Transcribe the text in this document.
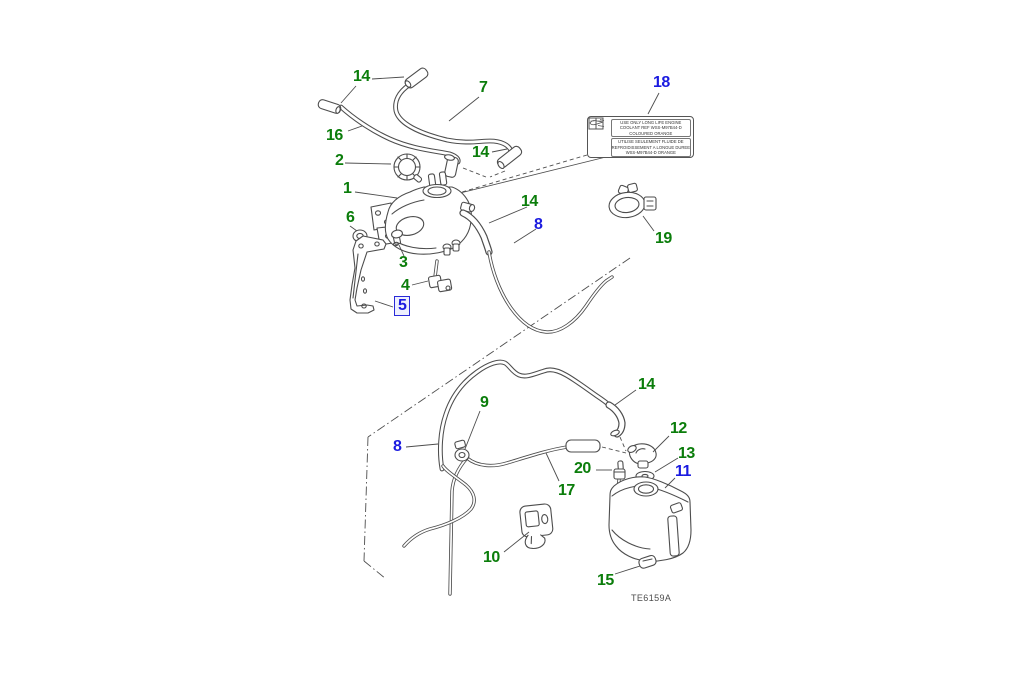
USE ONLY LONG LIFE ENGINE
COOLANT REF WSS-M97B44-D
COLOURED ORANGE
UTILISE SEULEMENT FLUIDE DE
REFROIDISSEMENT A LONGUE DUREE
WSS-M97B44-D ORANGE
14
7
16
2
18
1
14
14
8
6
3
4
5
19
14
9
8
12
13
11
20
17
10
15
TE6159A
